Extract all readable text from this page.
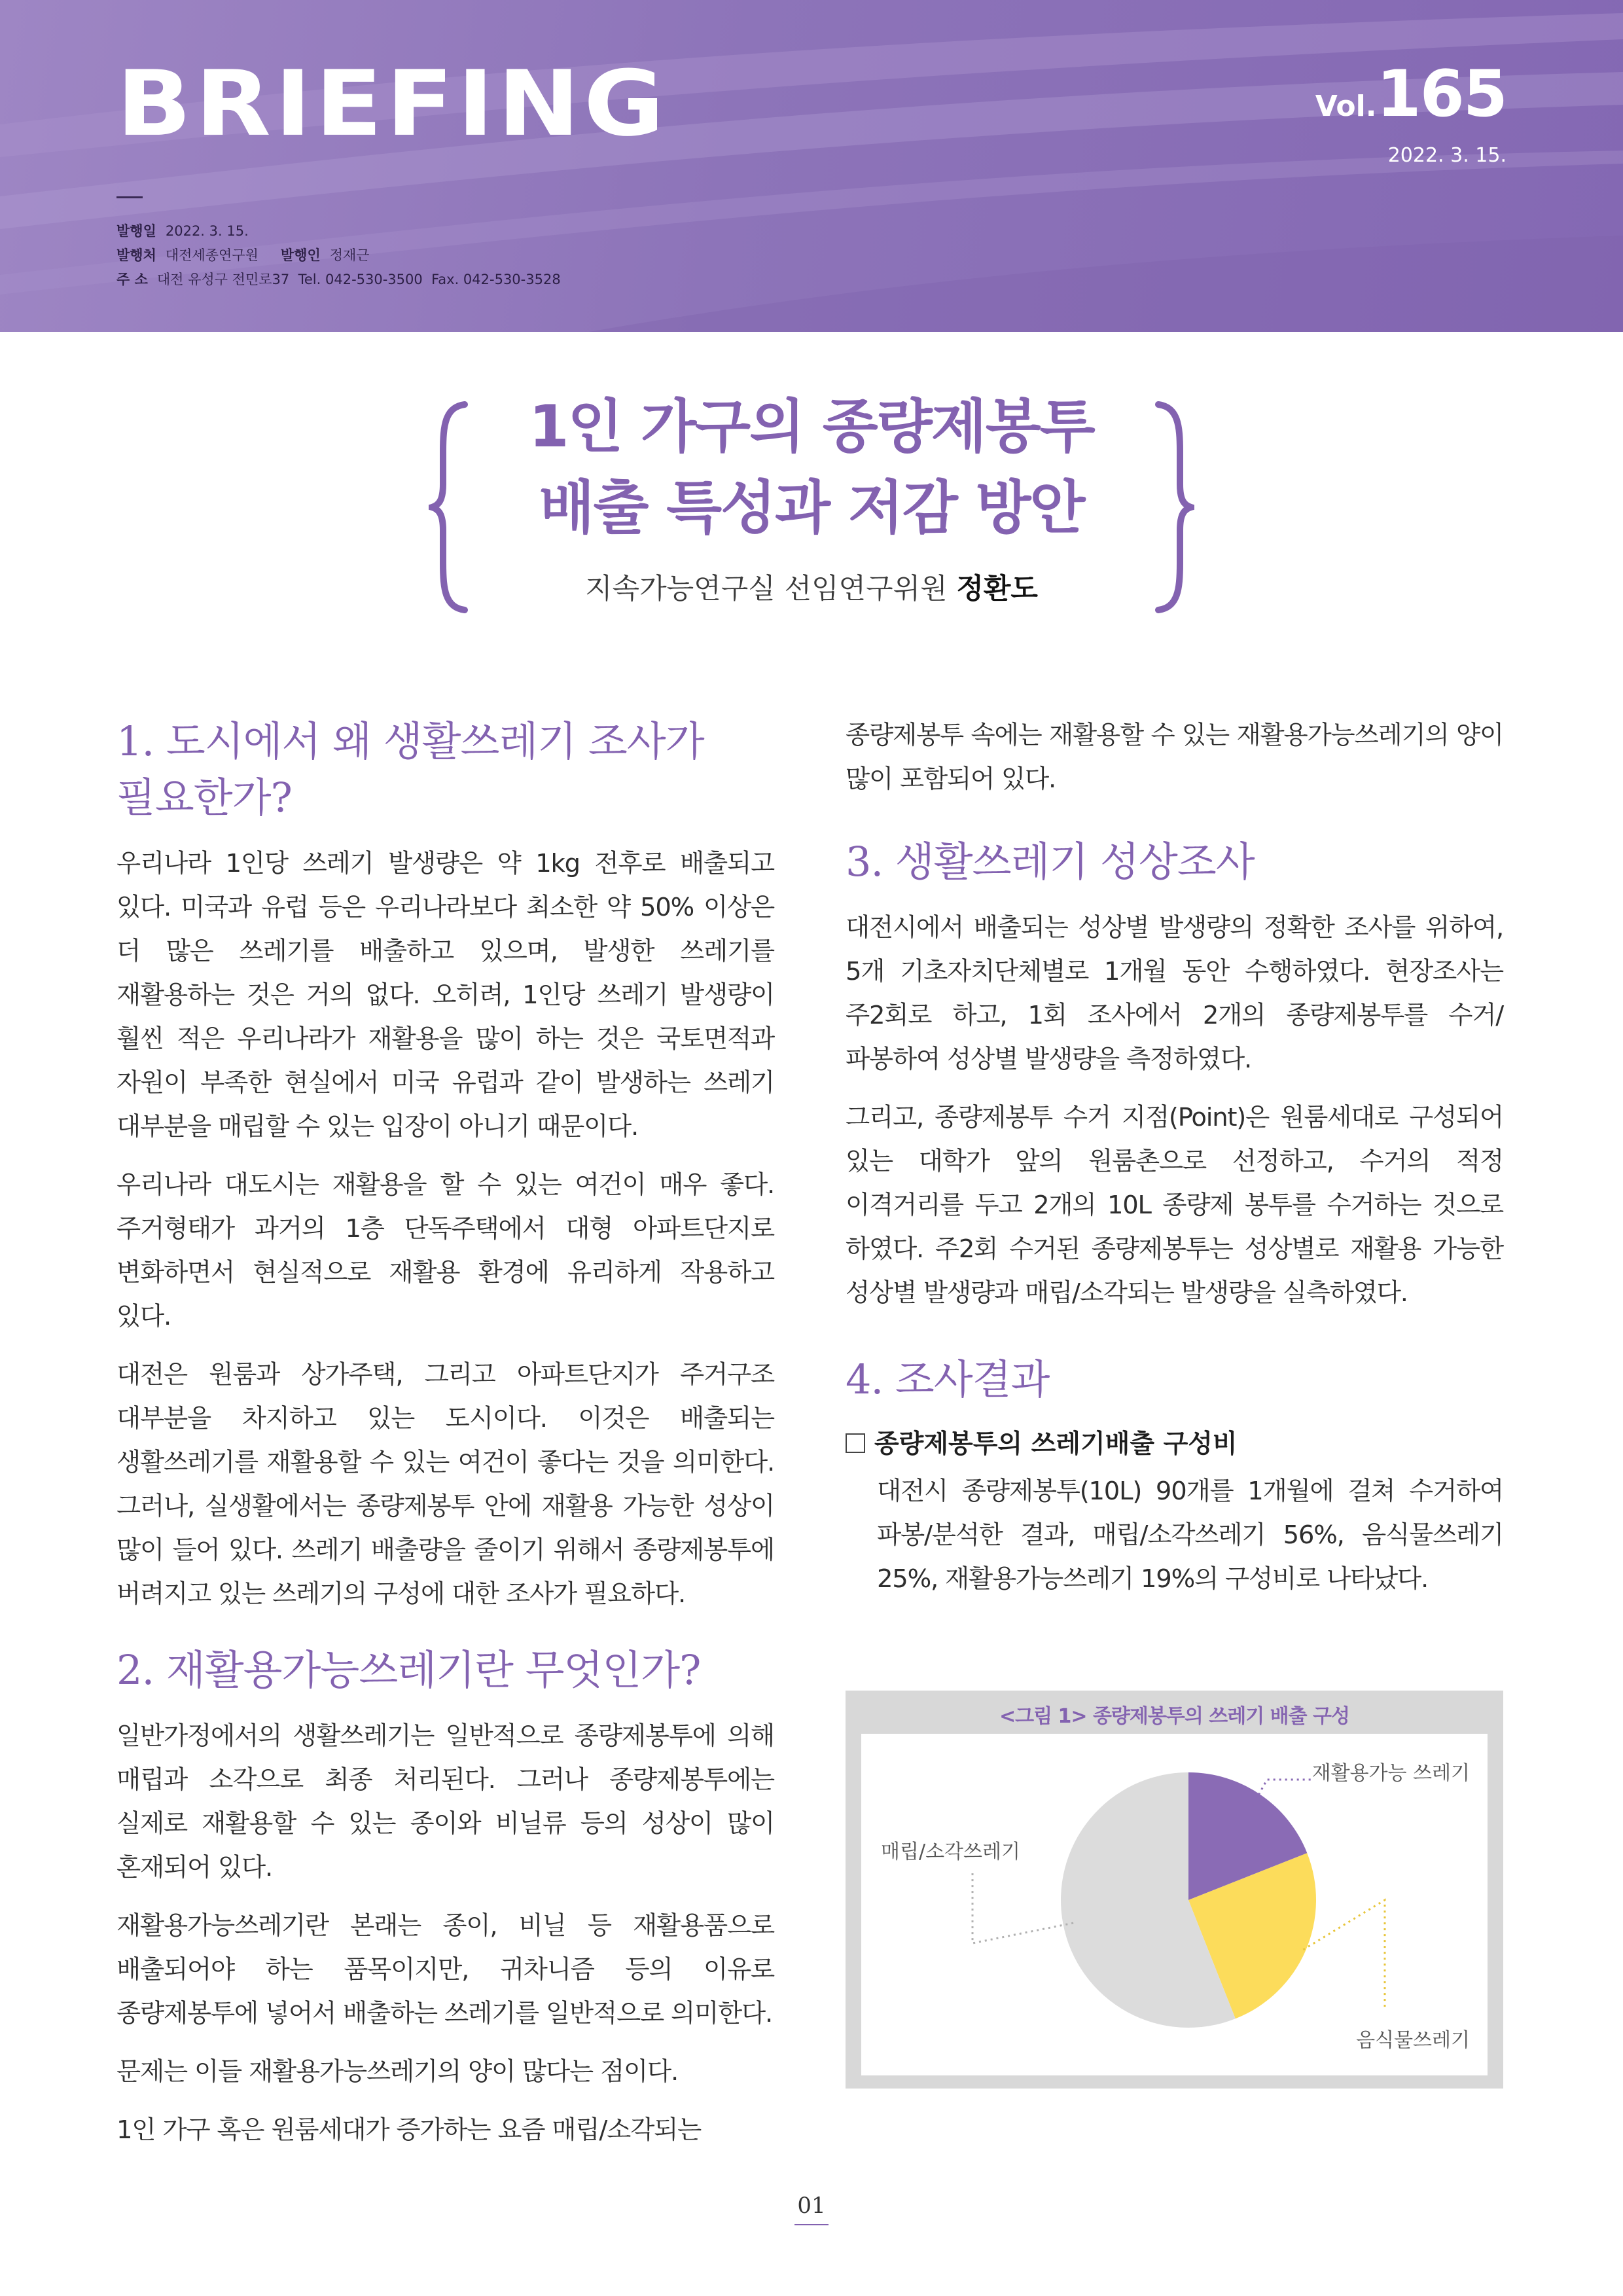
BRIEFING	Vol.165
2022. 3. 15.
발행일 2022. 3. 15.
발행처 대전세종연구원 발행인 정재근
주 소 대전 유성구 전민로37 Tel. 042-530-3500 Fax. 042-530-3528
1인 가구의 종량제봉투
배출 특성과 저감 방안
지속가능연구실 선임연구위원 정환도
1. 도시에서 왜 생활쓰레기 조사가
필요한가?

우리나라 1인당 쓰레기 발생량은 약 1kg 전후로 배출되고 있다. 미국과 유럽 등은 우리나라보다 최소한 약 50% 이상은 더 많은 쓰레기를 배출하고 있으며, 발생한 쓰레기를 재활용하는 것은 거의 없다. 오히려, 1인당 쓰레기 발생량이 훨씬 적은 우리나라가 재활용을 많이 하는 것은 국토면적과 자원이 부족한 현실에서 미국 유럽과 같이 발생하는 쓰레기 대부분을 매립할 수 있는 입장이 아니기 때문이다.

우리나라 대도시는 재활용을 할 수 있는 여건이 매우 좋다. 주거형태가 과거의 1층 단독주택에서 대형 아파트단지로 변화하면서 현실적으로 재활용 환경에 유리하게 작용하고 있다.

대전은 원룸과 상가주택, 그리고 아파트단지가 주거구조 대부분을 차지하고 있는 도시이다. 이것은 배출되는 생활쓰레기를 재활용할 수 있는 여건이 좋다는 것을 의미한다. 그러나, 실생활에서는 종량제봉투 안에 재활용 가능한 성상이 많이 들어 있다. 쓰레기 배출량을 줄이기 위해서 종량제봉투에 버려지고 있는 쓰레기의 구성에 대한 조사가 필요하다.

2. 재활용가능쓰레기란 무엇인가?

일반가정에서의 생활쓰레기는 일반적으로 종량제봉투에 의해 매립과 소각으로 최종 처리된다. 그러나 종량제봉투에는 실제로 재활용할 수 있는 종이와 비닐류 등의 성상이 많이 혼재되어 있다.

재활용가능쓰레기란 본래는 종이, 비닐 등 재활용품으로 배출되어야 하는 품목이지만, 귀차니즘 등의 이유로 종량제봉투에 넣어서 배출하는 쓰레기를 일반적으로 의미한다.

문제는 이들 재활용가능쓰레기의 양이 많다는 점이다.

1인 가구 혹은 원룸세대가 증가하는 요즘 매립/소각되는

종량제봉투 속에는 재활용할 수 있는 재활용가능쓰레기의 양이 많이 포함되어 있다.

3. 생활쓰레기 성상조사

대전시에서 배출되는 성상별 발생량의 정확한 조사를 위하여, 5개 기초자치단체별로 1개월 동안 수행하였다. 현장조사는 주2회로 하고, 1회 조사에서 2개의 종량제봉투를 수거/파봉하여 성상별 발생량을 측정하였다.

그리고, 종량제봉투 수거 지점(Point)은 원룸세대로 구성되어 있는 대학가 앞의 원룸촌으로 선정하고, 수거의 적정 이격거리를 두고 2개의 10L 종량제 봉투를 수거하는 것으로 하였다. 주2회 수거된 종량제봉투는 성상별로 재활용 가능한 성상별 발생량과 매립/소각되는 발생량을 실측하였다.

4. 조사결과
종량제봉투의 쓰레기배출 구성비

대전시 종량제봉투(10L) 90개를 1개월에 걸쳐 수거하여 파봉/분석한 결과, 매립/소각쓰레기 56%, 음식물쓰레기 25%, 재활용가능쓰레기 19%의 구성비로 나타났다.

<그림 1> 종량제봉투의 쓰레기 배출 구성
재활용가능 쓰레기
음식물쓰레기
매립/소각쓰레기
01
